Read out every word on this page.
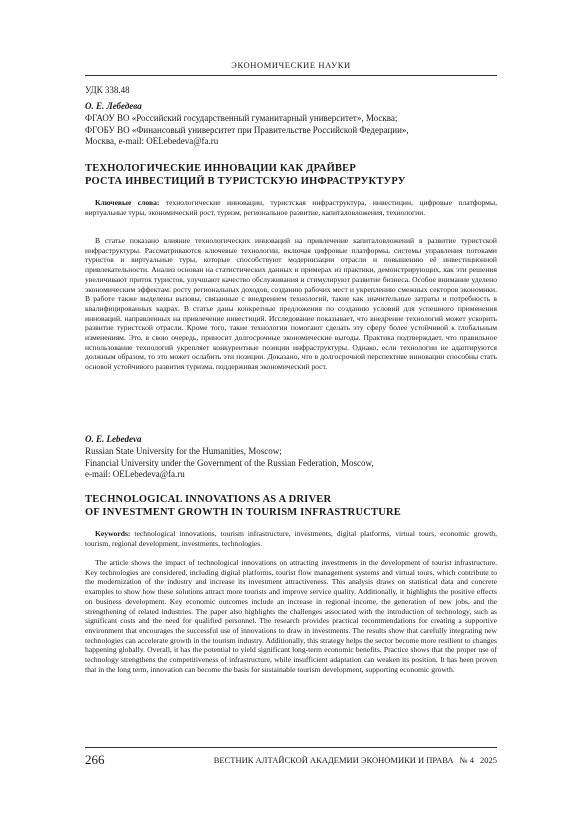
ЭКОНОМИЧЕСКИЕ НАУКИ
УДК 338.48
О. Е. Лебедева
ФГАОУ ВО «Российский государственный гуманитарный университет», Москва;
ФГОБУ ВО «Финансовый университет при Правительстве Российской Федерации»,
Москва, e-mail: OELebedeva@fa.ru
ТЕХНОЛОГИЧЕСКИЕ ИННОВАЦИИ КАК ДРАЙВЕР
РОСТА ИНВЕСТИЦИЙ В ТУРИСТСКУЮ ИНФРАСТРУКТУРУ
Ключевые слова: технологические инновации, туристская инфраструктура, инвестиции, цифровые платформы, виртуальные туры, экономический рост, туризм, региональное развитие, капиталовложения, технологии.
В статье показано влияние технологических инноваций на привлечение капиталовложений в развитие туристской инфраструктуры. Рассматриваются ключевые технологии, включая цифровые платформы, системы управления потоками туристов и виртуальные туры, которые способствуют модернизации отрасли и повышению её инвестиционной привлекательности. Анализ основан на статистических данных и примерах из практики, демонстрирующих, как эти решения увеличивают приток туристов, улучшают качество обслуживания и стимулируют развитие бизнеса. Особое внимание уделено экономическим эффектам: росту региональных доходов, созданию рабочих мест и укреплению смежных секторов экономики. В работе также выделены вызовы, связанные с внедрением технологий, такие как значительные затраты и потребность в квалифицированных кадрах. В статье даны конкретные предложения по созданию условий для успешного применения инноваций, направленных на привлечение инвестиций. Исследование показывает, что внедрение технологий может ускорить развитие туристской отрасли. Кроме того, такие технологии помогают сделать эту сферу более устойчивой к глобальным изменениям. Это, в свою очередь, приносит долгосрочные экономические выгоды. Практика подтверждает, что правильное использование технологий укрепляет конкурентные позиции инфраструктуры. Однако, если технологии не адаптируются должным образом, то это может ослабить эти позиции. Доказано, что в долгосрочной перспективе инновации способны стать основой устойчивого развития туризма, поддерживая экономический рост.
O. E. Lebedeva
Russian State University for the Humanities, Moscow;
Financial University under the Government of the Russian Federation, Moscow,
e-mail: OELebedeva@fa.ru
TECHNOLOGICAL INNOVATIONS AS A DRIVER
OF INVESTMENT GROWTH IN TOURISM INFRASTRUCTURE
Keywords: technological innovations, tourism infrastructure, investments, digital platforms, virtual tours, economic growth, tourism, regional development, investments, technologies.
The article shows the impact of technological innovations on attracting investments in the development of tourist infrastructure. Key technologies are considered, including digital platforms, tourist flow management systems and virtual tours, which contribute to the modernization of the industry and increase its investment attractiveness. This analysis draws on statistical data and concrete examples to show how these solutions attract more tourists and improve service quality. Additionally, it highlights the positive effects on business development. Key economic outcomes include an increase in regional income, the generation of new jobs, and the strengthening of related industries. The paper also highlights the challenges associated with the introduction of technology, such as significant costs and the need for qualified personnel. The research provides practical recommendations for creating a supportive environment that encourages the successful use of innovations to draw in investments. The results show that carefully integrating new technologies can accelerate growth in the tourism industry. Additionally, this strategy helps the sector become more resilient to changes happening globally. Overall, it has the potential to yield significant long-term economic benefits. Practice shows that the proper use of technology strengthens the competitiveness of infrastructure, while insufficient adaptation can weaken its position. It has been proven that in the long term, innovation can become the basis for sustainable tourism development, supporting economic growth.
266	ВЕСТНИК АЛТАЙСКОЙ АКАДЕМИИ ЭКОНОМИКИ И ПРАВА № 4 2025
